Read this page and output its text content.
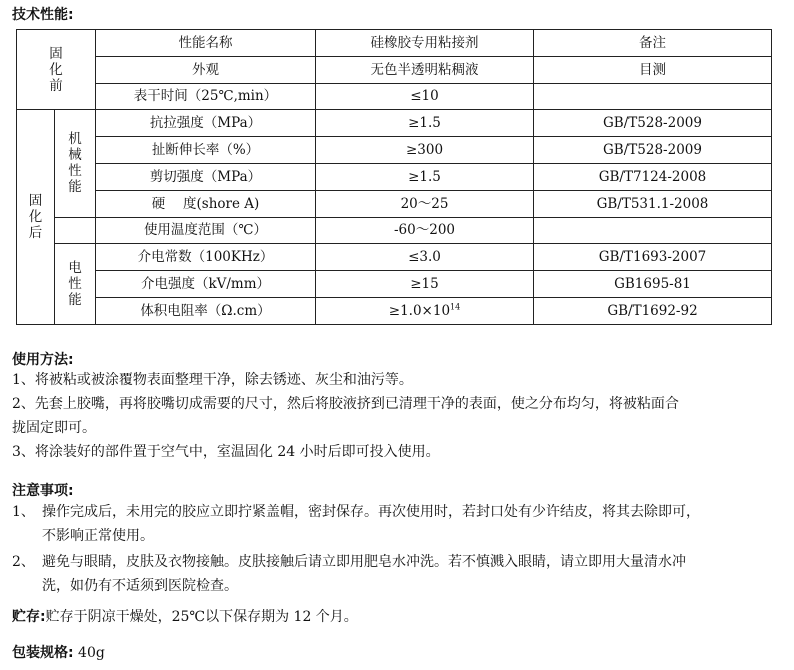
技术性能:
固
化
前		性能名称	硅橡胶专用粘接剂	备注
		外观	无色半透明粘稠液	目测
		表干时间（25℃,min）	≤10	

固
化
后	机
械
性
能	抗拉强度（MPa）	≥1.5	GB/T528-2009
		扯断伸长率（%）	≥300	GB/T528-2009
		剪切强度（MPa）	≥1.5	GB/T7124-2008
		硬　 度(shore A)	20～25	GB/T531.1-2008
		使用温度范围（℃）	-60～200	

	电
性
能	介电常数（100KHz）	≤3.0	GB/T1693-2007
		介电强度（kV/mm）	≥15	GB1695-81
		体积电阻率（Ω.cm）	$\ge 1.0\times 10^{14}$	GB/T1692-92
使用方法:
1、将被粘或被涂覆物表面整理干净，除去锈迹、灰尘和油污等。
2、先套上胶嘴，再将胶嘴切成需要的尺寸，然后将胶液挤到已清理干净的表面，使之分布均匀，将被粘面合
拢固定即可。
3、将涂装好的部件置于空气中，室温固化 24 小时后即可投入使用。
注意事项:
1、 操作完成后，未用完的胶应立即拧紧盖帽，密封保存。再次使用时，若封口处有少许结皮，将其去除即可，
不影响正常使用。
2、 避免与眼睛，皮肤及衣物接触。皮肤接触后请立即用肥皂水冲洗。若不慎溅入眼睛，请立即用大量清水冲
洗，如仍有不适须到医院检查。
贮存:贮存于阴凉干燥处，25℃以下保存期为 12 个月。
包装规格: 40g
